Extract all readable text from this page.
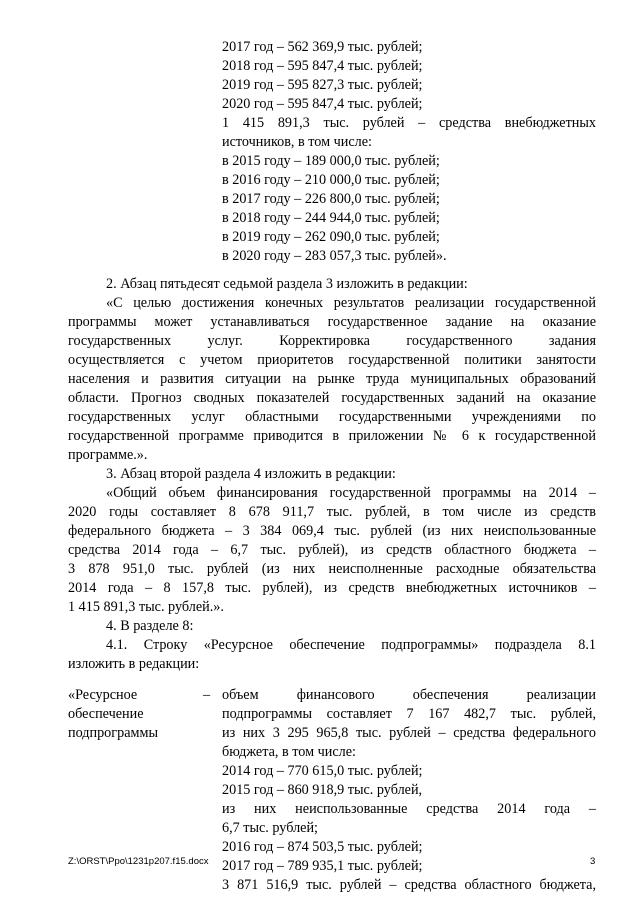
2017 год – 562 369,9 тыс. рублей;
2018 год – 595 847,4 тыс. рублей;
2019 год – 595 827,3 тыс. рублей;
2020 год – 595 847,4 тыс. рублей;
1 415 891,3 тыс. рублей – средства внебюджетных
источников, в том числе:
в 2015 году – 189 000,0 тыс. рублей;
в 2016 году – 210 000,0 тыс. рублей;
в 2017 году – 226 800,0 тыс. рублей;
в 2018 году – 244 944,0 тыс. рублей;
в 2019 году – 262 090,0 тыс. рублей;
в 2020 году – 283 057,3 тыс. рублей».
2. Абзац пятьдесят седьмой раздела 3 изложить в редакции:
«С целью достижения конечных результатов реализации государственной
программы может устанавливаться государственное задание на оказание
государственных услуг. Корректировка государственного задания
осуществляется с учетом приоритетов государственной политики занятости
населения и развития ситуации на рынке труда муниципальных образований
области. Прогноз сводных показателей государственных заданий на оказание
государственных услуг областными государственными учреждениями по
государственной программе приводится в приложении № 6 к государственной
программе.».
3. Абзац второй раздела 4 изложить в редакции:
«Общий объем финансирования государственной программы на 2014 –
2020 годы составляет 8 678 911,7 тыс. рублей, в том числе из средств
федерального бюджета – 3 384 069,4 тыс. рублей (из них неиспользованные
средства 2014 года – 6,7 тыс. рублей), из средств областного бюджета –
3 878 951,0 тыс. рублей (из них неисполненные расходные обязательства
2014 года – 8 157,8 тыс. рублей), из средств внебюджетных источников –
1 415 891,3 тыс. рублей.».
4. В разделе 8:
4.1. Строку «Ресурсное обеспечение подпрограммы» подраздела 8.1
изложить в редакции:
«Ресурсное
обеспечение
подпрограммы
– объем финансового обеспечения реализации
подпрограммы составляет 7 167 482,7 тыс. рублей,
из них 3 295 965,8 тыс. рублей – средства федерального
бюджета, в том числе:
2014 год – 770 615,0 тыс. рублей;
2015 год – 860 918,9 тыс. рублей,
из них неиспользованные средства 2014 года –
6,7 тыс. рублей;
2016 год – 874 503,5 тыс. рублей;
2017 год – 789 935,1 тыс. рублей;
3 871 516,9 тыс. рублей – средства областного бюджета,
Z:\ORST\Ppo\1231p207.f15.docx	3
